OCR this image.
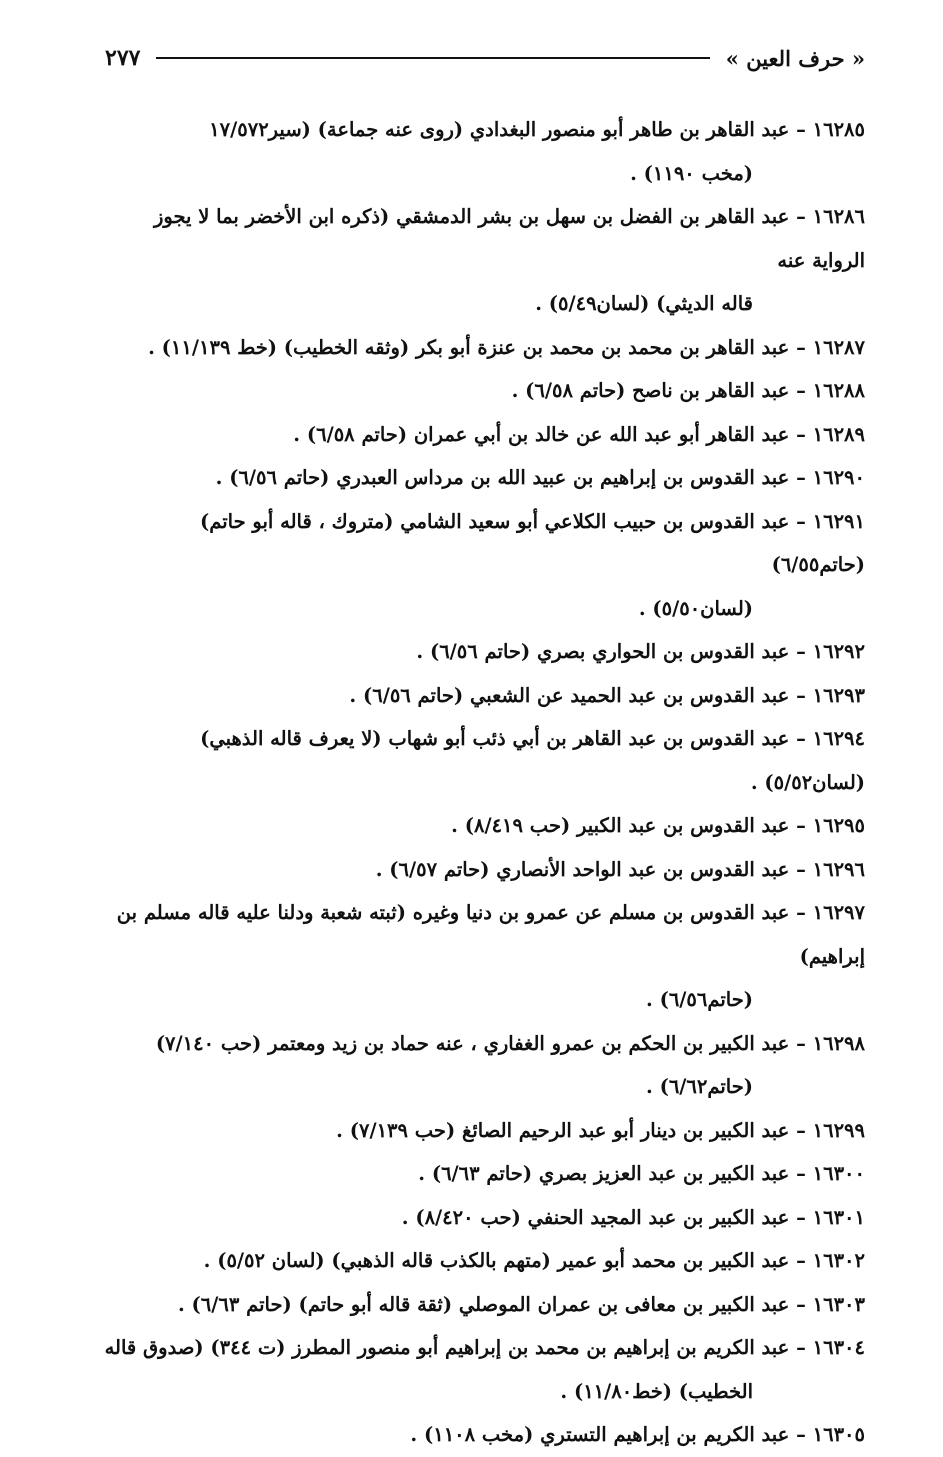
« حرف العين »
٢٧٧
١٦٢٨٥ – عبد القاهر بن طاهر أبو منصور البغدادي (روى عنه جماعة) (سير١٧/٥٧٢
(مخب ١١٩٠) .
١٦٢٨٦ – عبد القاهر بن الفضل بن سهل بن بشر الدمشقي (ذكره ابن الأخضر بما لا يجوز الرواية عنه
قاله الديثي) (لسان٥/٤٩) .
١٦٢٨٧ – عبد القاهر بن محمد بن محمد بن عنزة أبو بكر (وثقه الخطيب) (خط ١١/١٣٩) .
١٦٢٨٨ – عبد القاهر بن ناصح (حاتم ٦/٥٨) .
١٦٢٨٩ – عبد القاهر أبو عبد الله عن خالد بن أبي عمران (حاتم ٦/٥٨) .
١٦٢٩٠ – عبد القدوس بن إبراهيم بن عبيد الله بن مرداس العبدري (حاتم ٦/٥٦) .
١٦٢٩١ – عبد القدوس بن حبيب الكلاعي أبو سعيد الشامي (متروك ، قاله أبو حاتم) (حاتم٦/٥٥)
(لسان٥/٥٠) .
١٦٢٩٢ – عبد القدوس بن الحواري بصري (حاتم ٦/٥٦) .
١٦٢٩٣ – عبد القدوس بن عبد الحميد عن الشعبي (حاتم ٦/٥٦) .
١٦٢٩٤ – عبد القدوس بن عبد القاهر بن أبي ذئب أبو شهاب (لا يعرف قاله الذهبي) (لسان٥/٥٢) .
١٦٢٩٥ – عبد القدوس بن عبد الكبير (حب ٨/٤١٩) .
١٦٢٩٦ – عبد القدوس بن عبد الواحد الأنصاري (حاتم ٦/٥٧) .
١٦٢٩٧ – عبد القدوس بن مسلم عن عمرو بن دنيا وغيره (ثبته شعبة ودلنا عليه قاله مسلم بن إبراهيم)
(حاتم٦/٥٦) .
١٦٢٩٨ – عبد الكبير بن الحكم بن عمرو الغفاري ، عنه حماد بن زيد ومعتمر (حب ٧/١٤٠)
(حاتم٦/٦٢) .
١٦٢٩٩ – عبد الكبير بن دينار أبو عبد الرحيم الصائغ (حب ٧/١٣٩) .
١٦٣٠٠ – عبد الكبير بن عبد العزيز بصري (حاتم ٦/٦٣) .
١٦٣٠١ – عبد الكبير بن عبد المجيد الحنفي (حب ٨/٤٢٠) .
١٦٣٠٢ – عبد الكبير بن محمد أبو عمير (متهم بالكذب قاله الذهبي) (لسان ٥/٥٢) .
١٦٣٠٣ – عبد الكبير بن معافى بن عمران الموصلي (ثقة قاله أبو حاتم) (حاتم ٦/٦٣) .
١٦٣٠٤ – عبد الكريم بن إبراهيم بن محمد بن إبراهيم أبو منصور المطرز (ت ٣٤٤) (صدوق قاله
الخطيب) (خط١١/٨٠) .
١٦٣٠٥ – عبد الكريم بن إبراهيم التستري (مخب ١١٠٨) .
